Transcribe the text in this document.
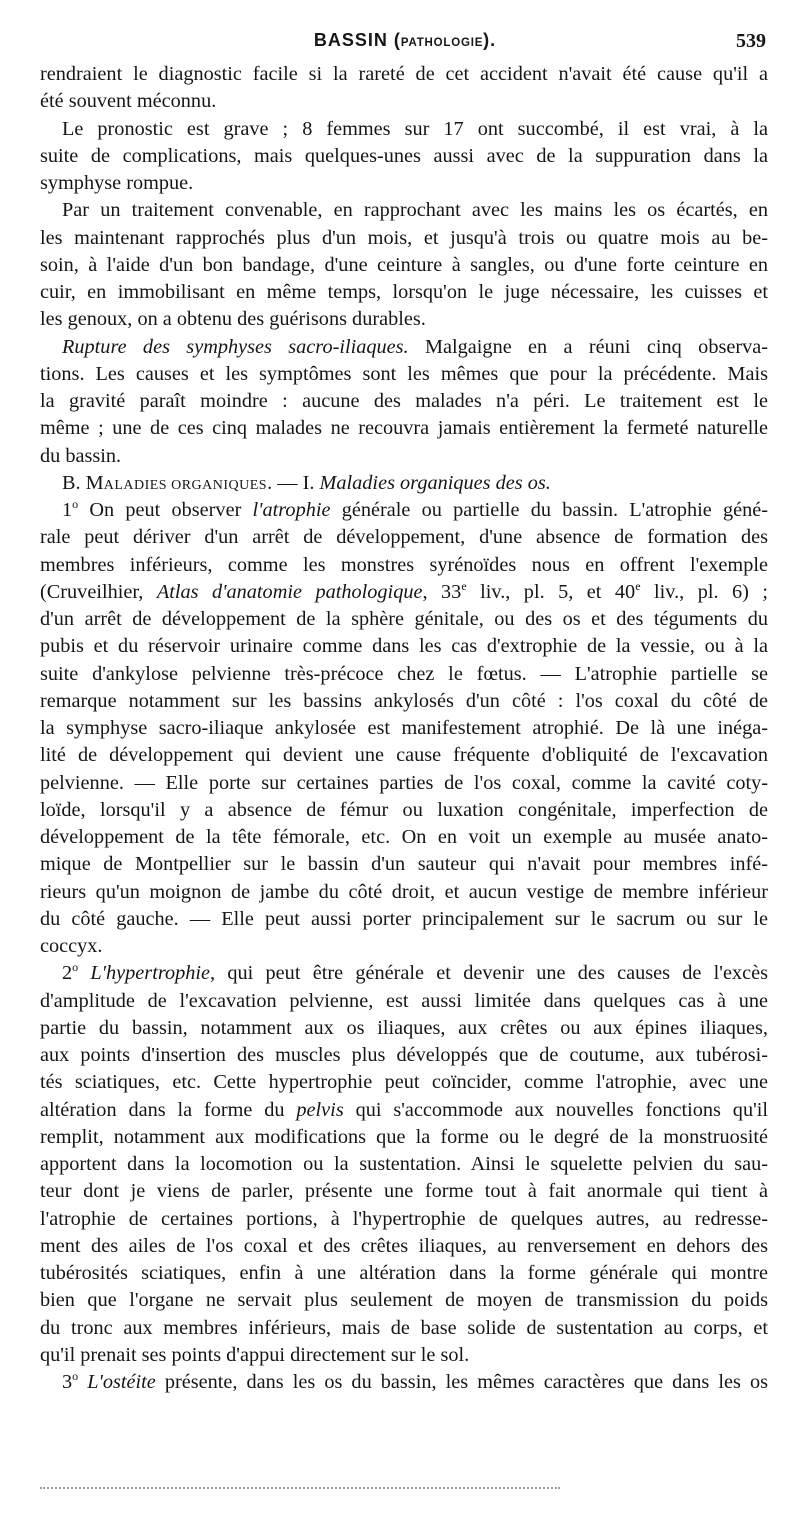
BASSIN (PATHOLOGIE).	539
rendraient le diagnostic facile si la rareté de cet accident n'avait été cause qu'il a
été souvent méconnu.
Le pronostic est grave ; 8 femmes sur 17 ont succombé, il est vrai, à la
suite de complications, mais quelques-unes aussi avec de la suppuration dans la
symphyse rompue.
Par un traitement convenable, en rapprochant avec les mains les os écartés, en
les maintenant rapprochés plus d'un mois, et jusqu'à trois ou quatre mois au be-
soin, à l'aide d'un bon bandage, d'une ceinture à sangles, ou d'une forte ceinture en
cuir, en immobilisant en même temps, lorsqu'on le juge nécessaire, les cuisses et
les genoux, on a obtenu des guérisons durables.
Rupture des symphyses sacro-iliaques. Malgaigne en a réuni cinq observa-
tions. Les causes et les symptômes sont les mêmes que pour la précédente. Mais
la gravité paraît moindre : aucune des malades n'a péri. Le traitement est le
même ; une de ces cinq malades ne recouvra jamais entièrement la fermeté naturelle
du bassin.
B. MALADIES ORGANIQUES. — I. Maladies organiques des os.
1$^o$ On peut observer l'atrophie générale ou partielle du bassin. L'atrophie géné-
rale peut dériver d'un arrêt de développement, d'une absence de formation des
membres inférieurs, comme les monstres syrénoïdes nous en offrent l'exemple
(Cruveilhier, Atlas d'anatomie pathologique, 33e liv., pl. 5, et 40e liv., pl. 6) ;
d'un arrêt de développement de la sphère génitale, ou des os et des téguments du
pubis et du réservoir urinaire comme dans les cas d'extrophie de la vessie, ou à la
suite d'ankylose pelvienne très-précoce chez le fœtus. — L'atrophie partielle se
remarque notamment sur les bassins ankylosés d'un côté : l'os coxal du côté de
la symphyse sacro-iliaque ankylosée est manifestement atrophié. De là une inéga-
lité de développement qui devient une cause fréquente d'obliquité de l'excavation
pelvienne. — Elle porte sur certaines parties de l'os coxal, comme la cavité coty-
loïde, lorsqu'il y a absence de fémur ou luxation congénitale, imperfection de
développement de la tête fémorale, etc. On en voit un exemple au musée anato-
mique de Montpellier sur le bassin d'un sauteur qui n'avait pour membres infé-
rieurs qu'un moignon de jambe du côté droit, et aucun vestige de membre inférieur
du côté gauche. — Elle peut aussi porter principalement sur le sacrum ou sur le
coccyx.
2$^o$ L'hypertrophie, qui peut être générale et devenir une des causes de l'excès
d'amplitude de l'excavation pelvienne, est aussi limitée dans quelques cas à une
partie du bassin, notamment aux os iliaques, aux crêtes ou aux épines iliaques,
aux points d'insertion des muscles plus développés que de coutume, aux tubérosi-
tés sciatiques, etc. Cette hypertrophie peut coïncider, comme l'atrophie, avec une
altération dans la forme du pelvis qui s'accommode aux nouvelles fonctions qu'il
remplit, notamment aux modifications que la forme ou le degré de la monstruosité
apportent dans la locomotion ou la sustentation. Ainsi le squelette pelvien du sau-
teur dont je viens de parler, présente une forme tout à fait anormale qui tient à
l'atrophie de certaines portions, à l'hypertrophie de quelques autres, au redresse-
ment des ailes de l'os coxal et des crêtes iliaques, au renversement en dehors des
tubérosités sciatiques, enfin à une altération dans la forme générale qui montre
bien que l'organe ne servait plus seulement de moyen de transmission du poids
du tronc aux membres inférieurs, mais de base solide de sustentation au corps, et
qu'il prenait ses points d'appui directement sur le sol.
3$^o$ L'ostéite présente, dans les os du bassin, les mêmes caractères que dans les os
